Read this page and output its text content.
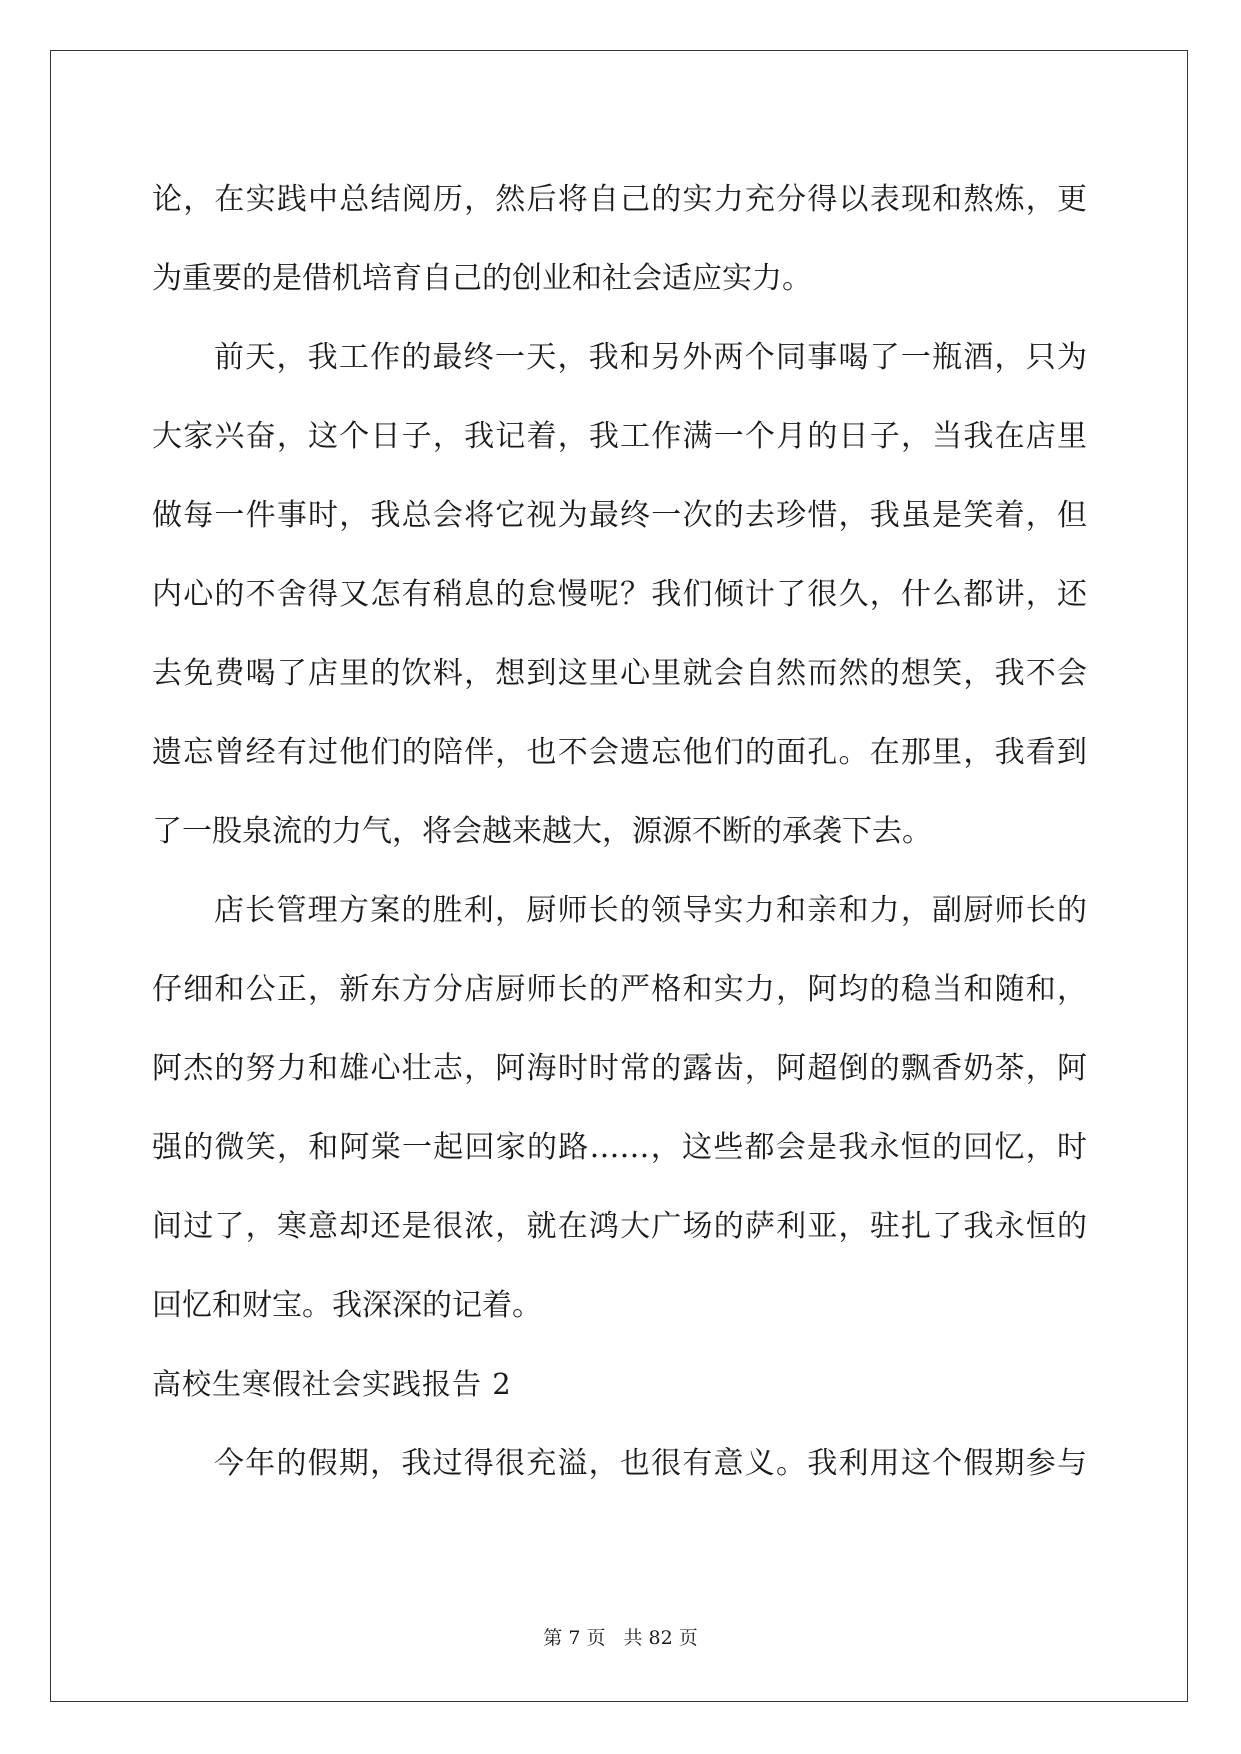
论，在实践中总结阅历，然后将自己的实力充分得以表现和熬炼，更
为重要的是借机培育自己的创业和社会适应实力。
前天，我工作的最终一天，我和另外两个同事喝了一瓶酒，只为
大家兴奋，这个日子，我记着，我工作满一个月的日子，当我在店里
做每一件事时，我总会将它视为最终一次的去珍惜，我虽是笑着，但
内心的不舍得又怎有稍息的怠慢呢？我们倾计了很久，什么都讲，还
去免费喝了店里的饮料，想到这里心里就会自然而然的想笑，我不会
遗忘曾经有过他们的陪伴，也不会遗忘他们的面孔。在那里，我看到
了一股泉流的力气，将会越来越大，源源不断的承袭下去。
店长管理方案的胜利，厨师长的领导实力和亲和力，副厨师长的
仔细和公正，新东方分店厨师长的严格和实力，阿均的稳当和随和，
阿杰的努力和雄心壮志，阿海时时常的露齿，阿超倒的飘香奶茶，阿
强的微笑，和阿棠一起回家的路……，这些都会是我永恒的回忆，时
间过了，寒意却还是很浓，就在鸿大广场的萨利亚，驻扎了我永恒的
回忆和财宝。我深深的记着。
高校生寒假社会实践报告 2
今年的假期，我过得很充溢，也很有意义。我利用这个假期参与
第 7 页 共 82 页
